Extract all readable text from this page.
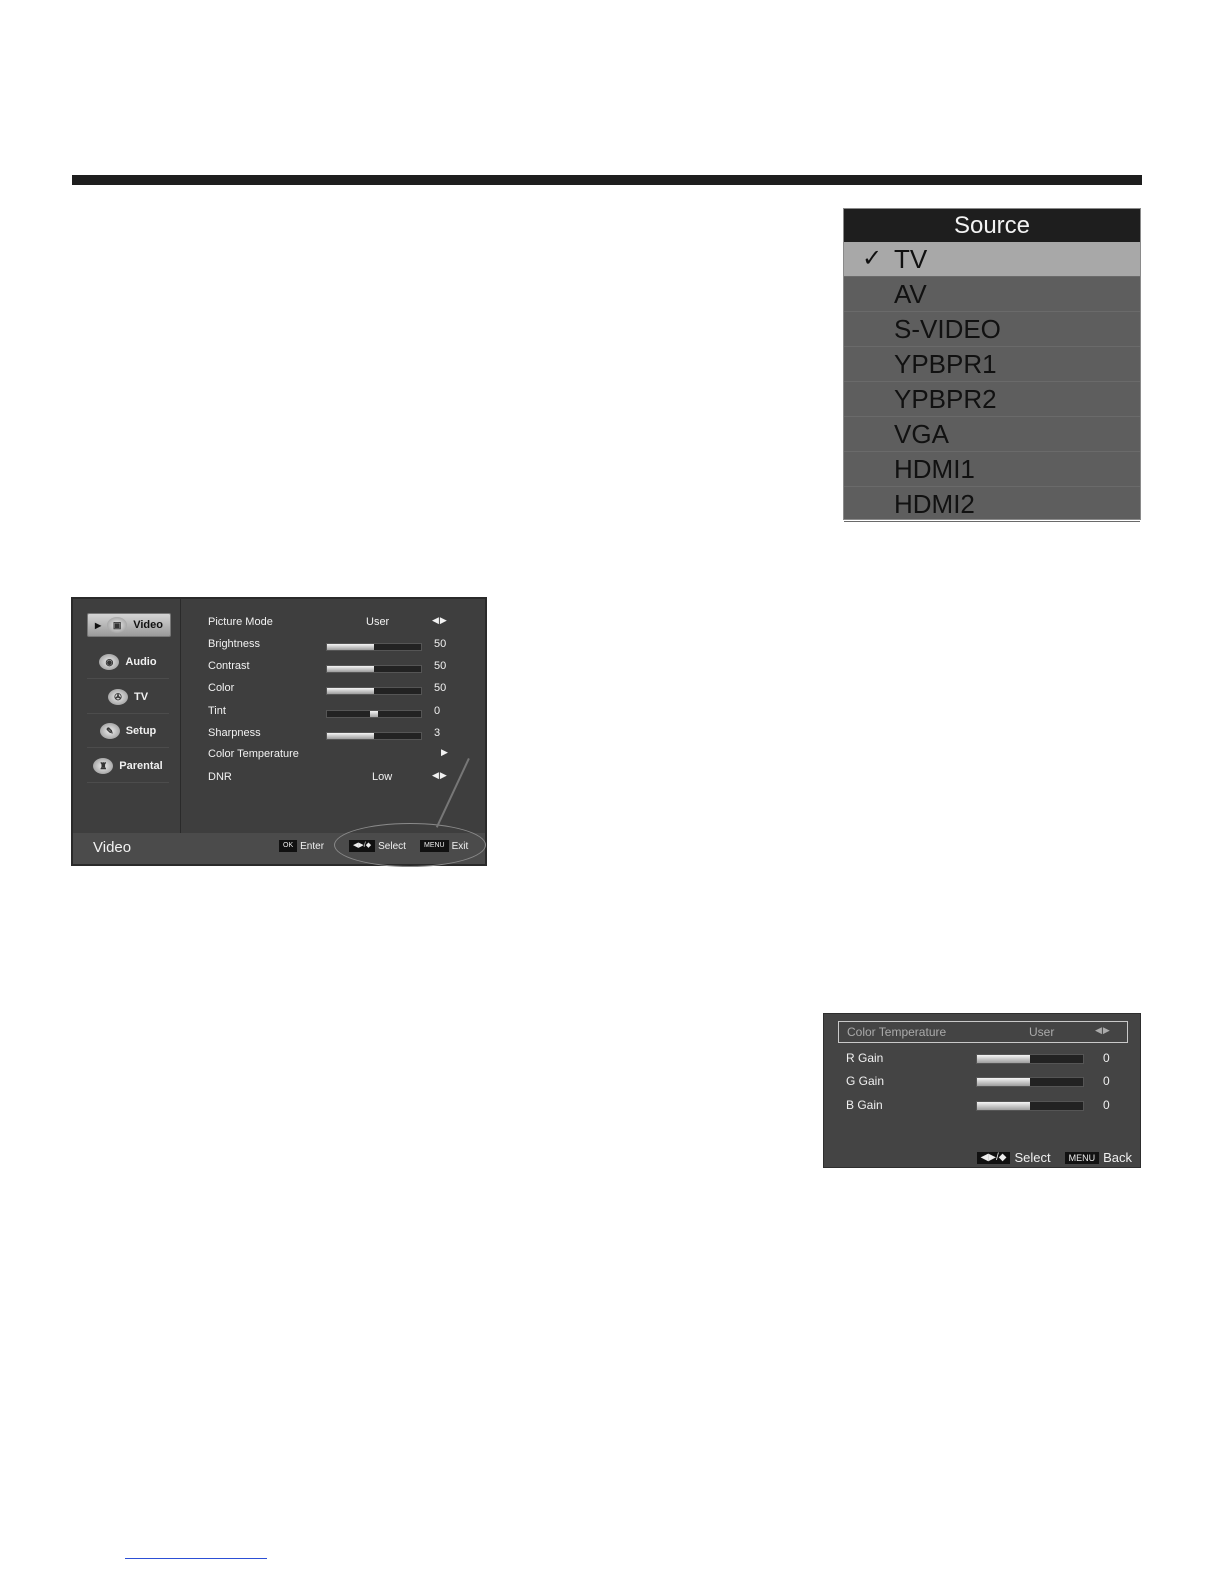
Source
✓ TV
AV
S-VIDEO
YPBPR1
YPBPR2
VGA
HDMI1
HDMI2
▶	▣	Video
◉	Audio
✇	TV
✎	Setup
♜	Parental
Picture Mode	User	◀▶
Brightness	50
Contrast	50
Color	50
Tint	0
Sharpness	3
Color Temperature	▶
DNR	Low	◀▶
Video	OK Enter	◀▶/◆ Select	MENU Exit
Color Temperature	User	◀▶
R Gain	0
G Gain	0
B Gain	0
◀▶/◆ Select	MENU Back
